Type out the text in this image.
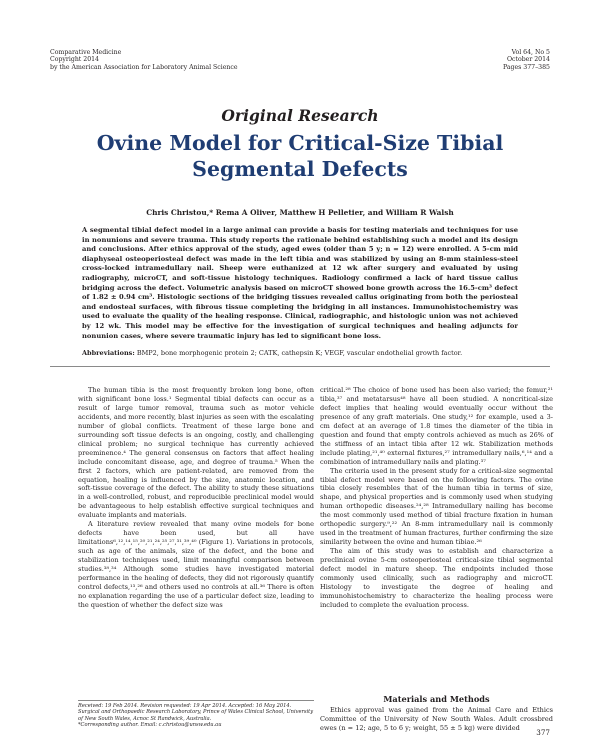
Comparative Medicine
Copyright 2014
by the American Association for Laboratory Animal Science
Vol 64, No 5
October 2014
Pages 377–385
Original Research
Ovine Model for Critical-Size Tibial Segmental Defects
Chris Christou,* Rema A Oliver, Matthew H Pelletier, and William R Walsh
A segmental tibial defect model in a large animal can provide a basis for testing materials and techniques for use in nonunions and severe trauma. This study reports the rationale behind establishing such a model and its design and conclusions. After ethics approval of the study, aged ewes (older than 5 y; n = 12) were enrolled. A 5-cm mid diaphyseal osteoperiosteal defect was made in the left tibia and was stabilized by using an 8-mm stainless-steel cross-locked intramedullary nail. Sheep were euthanized at 12 wk after surgery and evaluated by using radiography, microCT, and soft-tissue histology techniques. Radiology confirmed a lack of hard tissue callus bridging across the defect. Volumetric analysis based on microCT showed bone growth across the 16.5-cm³ defect of 1.82 ± 0.94 cm³. Histologic sections of the bridging tissues revealed callus originating from both the periosteal and endosteal surfaces, with fibrous tissue completing the bridging in all instances. Immunohistochemistry was used to evaluate the quality of the healing response. Clinical, radiographic, and histologic union was not achieved by 12 wk. This model may be effective for the investigation of surgical techniques and healing adjuncts for nonunion cases, where severe traumatic injury has led to significant bone loss.
Abbreviations: BMP2, bone morphogenic protein 2; CATK, cathepsin K; VEGF, vascular endothelial growth factor.

The human tibia is the most frequently broken long bone, often with significant bone loss.¹ Segmental tibial defects can occur as a result of large tumor removal, trauma such as motor vehicle accidents, and more recently, blast injuries as seen with the escalating number of global conflicts. Treatment of these large bone and surrounding soft tissue defects is an ongoing, costly, and challenging clinical problem; no surgical technique has currently achieved preeminence.⁴ The general consensus on factors that affect healing include concomitant disease, age, and degree of trauma.⁵ When the first 2 factors, which are patient-related, are removed from the equation, healing is influenced by the size, anatomic location, and soft-tissue coverage of the defect. The ability to study these situations in a well-controlled, robust, and reproducible preclinical model would be advantageous to help establish effective surgical techniques and evaluate implants and materials.

A literature review revealed that many ovine models for bone defects have been used, but all have limitations⁶,¹²,¹⁴,¹⁵,²⁰,²¹,²⁴,²⁵,²⁷,³¹,³⁹,⁴⁰ (Figure 1). Variations in protocols, such as age of the animals, size of the defect, and the bone and stabilization techniques used, limit meaningful comparison between studies.³⁸,³⁴ Although some studies have investigated material performance in the healing of defects, they did not rigorously quantify control defects,¹³,²⁶ and others used no controls at all.³⁶ There is often no explanation regarding the use of a particular defect size, leading to the question of whether the defect size was

Received: 19 Feb 2014. Revision requested: 19 Apr 2014. Accepted: 16 May 2014.
Surgical and Orthopaedic Research Laboratory, Prince of Wales Clinical School, University of New South Wales, Acnoc St Randwick, Australia.
*Corresponding author. Email: c.christou@unsw.edu.au

critical.²⁸ The choice of bone used has been also varied; the femur,²¹ tibia,³⁷ and metatarsus⁴⁸ have all been studied. A noncritical-size defect implies that healing would eventually occur without the presence of any graft materials. One study,¹² for example, used a 3-cm defect at an average of 1.8 times the diameter of the tibia in question and found that empty controls achieved as much as 26% of the stiffness of an intact tibia after 12 wk. Stabilization methods include plating,²¹,⁴⁰ external fixtures,²⁷ intramedullary nails,⁶,¹⁴ and a combination of intramedullary nails and plating.³⁷

The criteria used in the present study for a critical-size segmental tibial defect model were based on the following factors. The ovine tibia closely resembles that of the human tibia in terms of size, shape, and physical properties and is commonly used when studying human orthopedic diseases.²⁴,²⁸ Intramedullary nailing has become the most commonly used method of tibial fracture fixation in human orthopedic surgery.⁹,²² An 8-mm intramedullary nail is commonly used in the treatment of human fractures, further confirming the size similarity between the ovine and human tibiae.²⁶

The aim of this study was to establish and characterize a preclinical ovine 5-cm osteoperiosteal critical-size tibial segmental defect model in mature sheep. The endpoints included those commonly used clinically, such as radiography and microCT. Histology to investigate the degree of healing and immunohistochemistry to characterize the healing process were included to complete the evaluation process.

Materials and Methods

Ethics approval was gained from the Animal Care and Ethics Committee of the University of New South Wales. Adult crossbred ewes (n = 12; age, 5 to 6 y; weight, 55 ± 5 kg) were divided

377
